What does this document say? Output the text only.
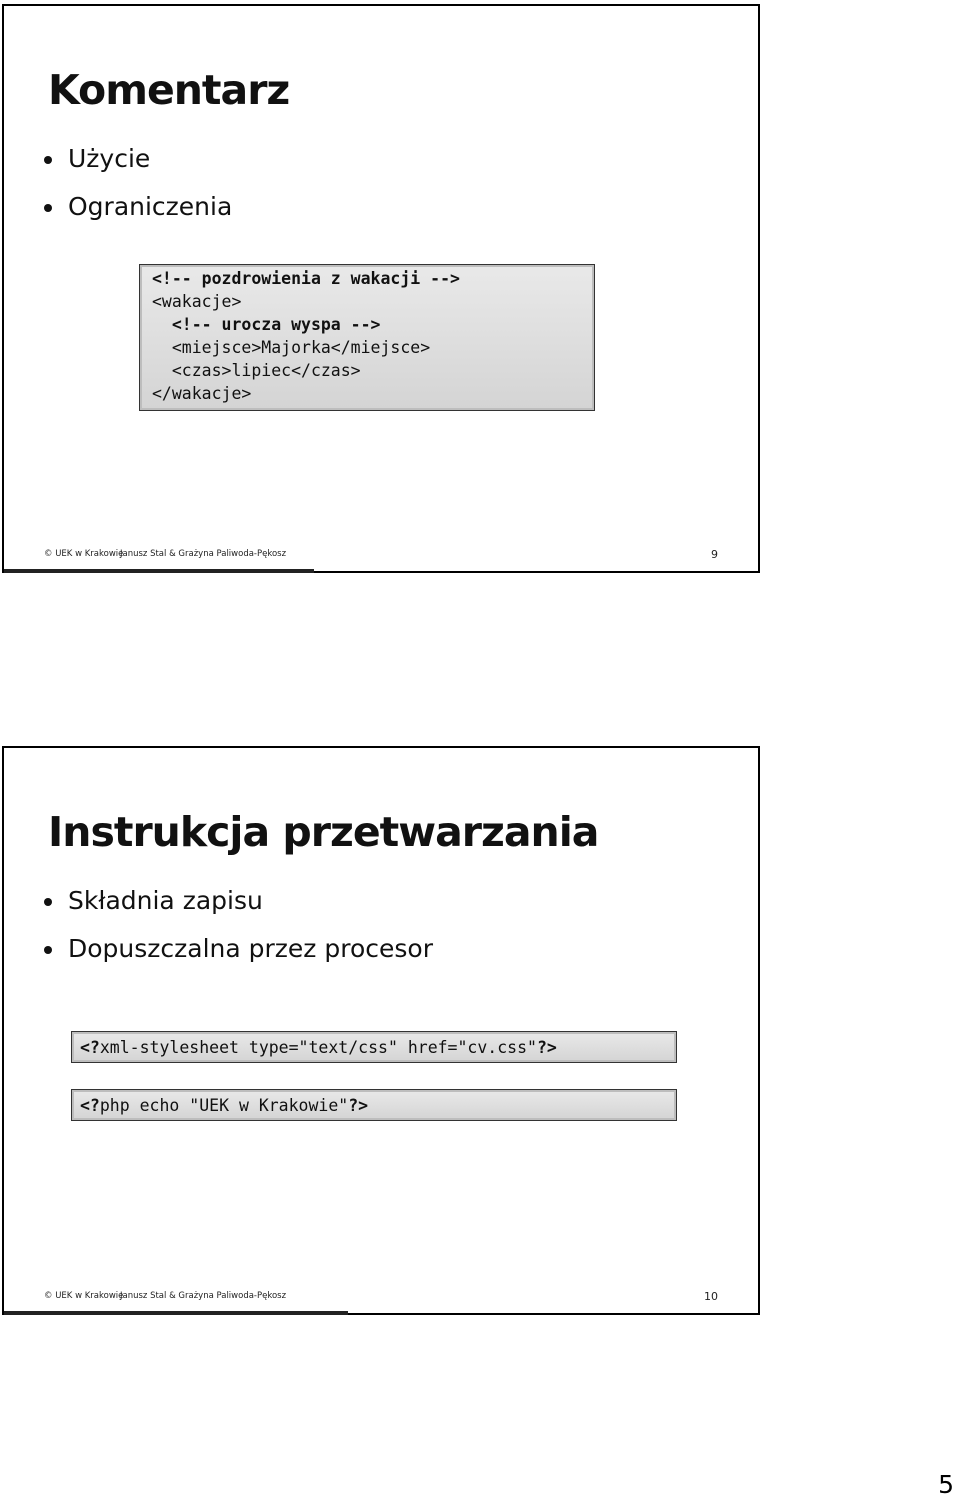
Komentarz
Użycie
Ograniczenia
<!-- pozdrowienia z wakacji -->
<wakacje>
<!-- urocza wyspa -->
<miejsce>Majorka</miejsce>
<czas>lipiec</czas>
</wakacje>
© UEK w Krakowie
Janusz Stal & Grażyna Paliwoda-Pękosz	9
Instrukcja przetwarzania
Składnia zapisu
Dopuszczalna przez procesor
<?xml-stylesheet type="text/css" href="cv.css"?>
<?php echo "UEK w Krakowie"?>
© UEK w Krakowie
Janusz Stal & Grażyna Paliwoda-Pękosz	10
5
